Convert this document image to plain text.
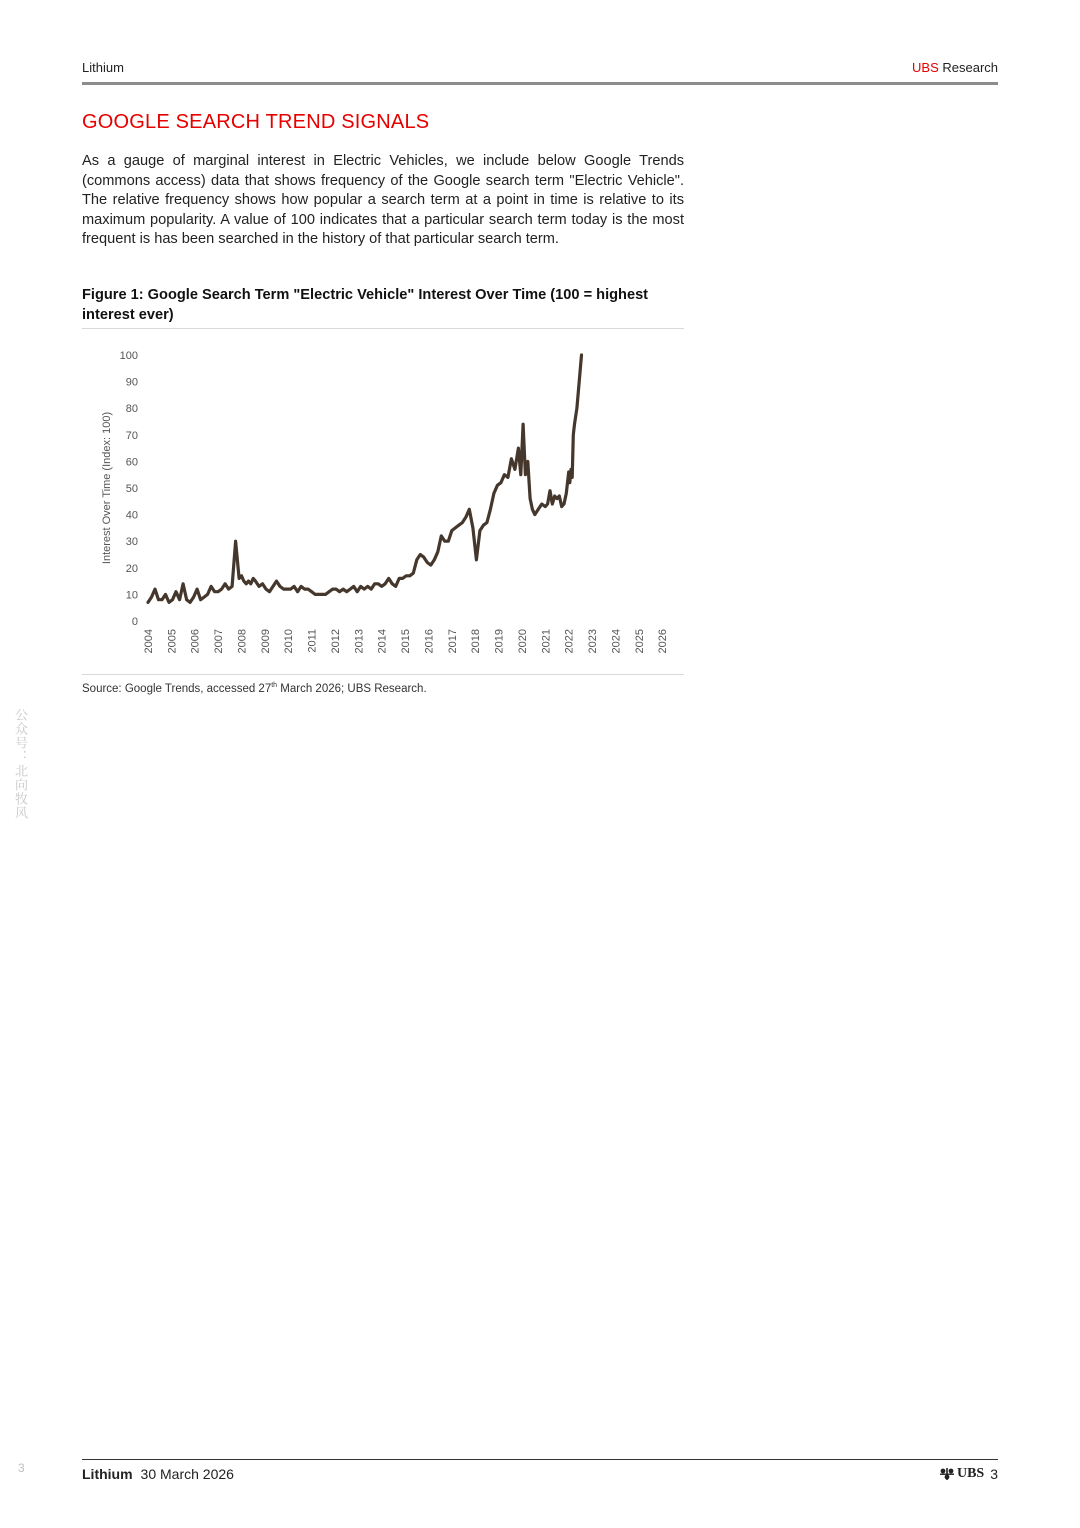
Lithium	UBS Research
GOOGLE SEARCH TREND SIGNALS
As a gauge of marginal interest in Electric Vehicles, we include below Google Trends (commons access) data that shows frequency of the Google search term "Electric Vehicle". The relative frequency shows how popular a search term at a point in time is relative to its maximum popularity. A value of 100 indicates that a particular search term today is the most frequent is has been searched in the history of that particular search term.
Figure 1: Google Search Term "Electric Vehicle" Interest Over Time (100 = highest interest ever)
Interest Over Time (Index: 100)
0
10
20
30
40
50
60
70
80
90
100
2004 2005 2006 2007 2008 2009 2010 2011 2012 2013 2014 2015 2016 2017 2018 2019 2020 2021 2022 2023 2024 2025 2026
Source: Google Trends, accessed 27th March 2026; UBS Research.
公众号：北向牧风
3	Lithium 30 March 2026	UBS 3
